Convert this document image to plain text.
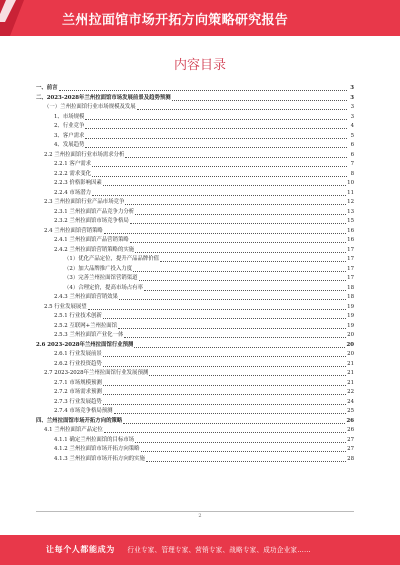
兰州拉面馆市场开拓方向策略研究报告
内容目录
一、前言	3
二、2023-2028年兰州拉面馆市场发展前景及趋势预测	3
（一）兰州拉面馆行业市场规模及发展	3
1、市场规模	3
2、行业竞争	4
3、客户需求	5
4、发展趋势	6
2.2 兰州拉面馆行业市场需求分析	6
2.2.1 客户需求	7
2.2.2 需求变化	8
2.2.3 价格影响因素	10
2.2.4 市场潜力	11
2.3 兰州拉面馆行业产品市场竞争	12
2.3.1 兰州拉面馆产品竞争力分析	13
2.3.2 兰州拉面馆市场竞争格局	15
2.4 兰州拉面馆营销策略	16
2.4.1 兰州拉面馆产品营销策略	16
2.4.2 兰州拉面馆营销策略的实施	17
（1）优化产品定位，提升产品品牌价值	17
（2）加大品牌推广投入力度	17
（3）完善兰州拉面馆营销渠道	17
（4）合理定价，提高市场占有率	18
2.4.3 兰州拉面馆营销效果	18
2.5 行业发展展望	19
2.5.1 行业技术创新	19
2.5.2 互联网+兰州拉面馆	19
2.5.3 兰州拉面馆产业化一体	20
2.6 2023-2028年兰州拉面馆行业预测	20
2.6.1 行业发展前景	20
2.6.2 行业投资趋势	21
2.7 2023-2028年兰州拉面馆行业发展预测	21
2.7.1 市场规模预测	21
2.7.2 市场需求预测	22
2.7.3 行业发展趋势	24
2.7.4 市场竞争格局预测	25
四、兰州拉面馆市场开拓方向的策略	26
4.1 兰州拉面馆产品定位	26
4.1.1 确定兰州拉面馆的目标市场	27
4.1.2 兰州拉面馆市场开拓方向策略	27
4.1.3 兰州拉面馆市场开拓方向的实施	28
2
让每个人都能成为 行业专家、管理专家、营销专家、战略专家、成功企业家……
